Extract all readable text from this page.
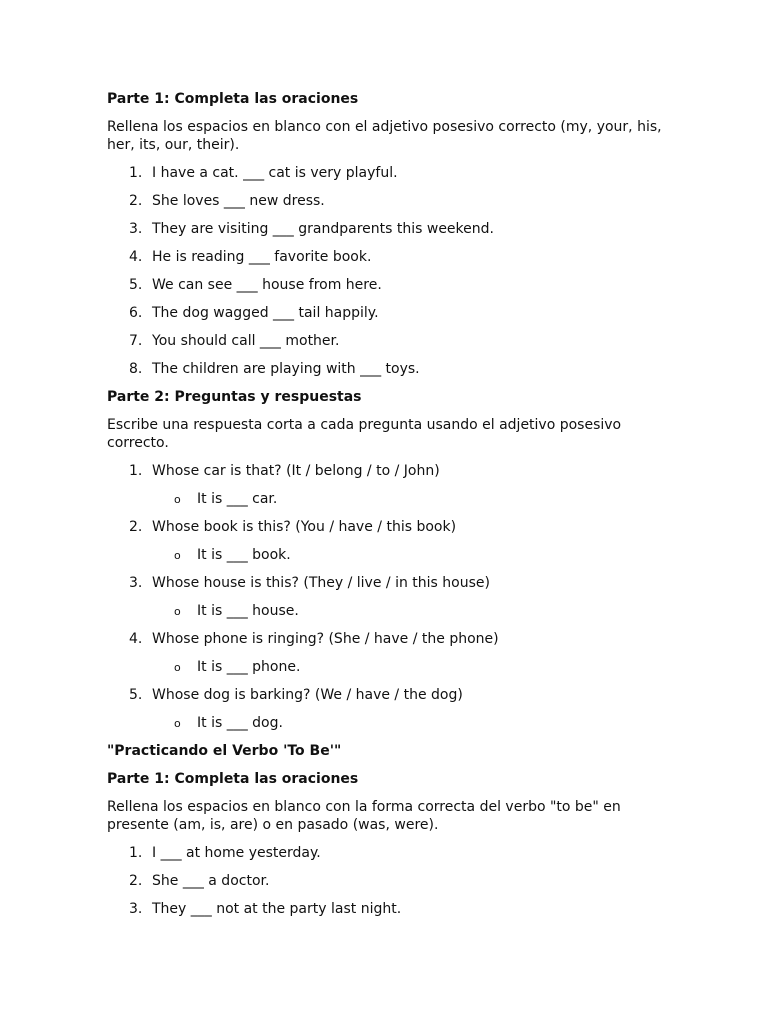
Parte 1: Completa las oraciones
Rellena los espacios en blanco con el adjetivo posesivo correcto (my, your, his, her, its, our, their).
1. I have a cat. ___ cat is very playful.
2. She loves ___ new dress.
3. They are visiting ___ grandparents this weekend.
4. He is reading ___ favorite book.
5. We can see ___ house from here.
6. The dog wagged ___ tail happily.
7. You should call ___ mother.
8. The children are playing with ___ toys.
Parte 2: Preguntas y respuestas
Escribe una respuesta corta a cada pregunta usando el adjetivo posesivo correcto.
1. Whose car is that? (It / belong / to / John)
o It is ___ car.
2. Whose book is this? (You / have / this book)
o It is ___ book.
3. Whose house is this? (They / live / in this house)
o It is ___ house.
4. Whose phone is ringing? (She / have / the phone)
o It is ___ phone.
5. Whose dog is barking? (We / have / the dog)
o It is ___ dog.
"Practicando el Verbo 'To Be'"
Parte 1: Completa las oraciones
Rellena los espacios en blanco con la forma correcta del verbo "to be" en presente (am, is, are) o en pasado (was, were).
1. I ___ at home yesterday.
2. She ___ a doctor.
3. They ___ not at the party last night.
